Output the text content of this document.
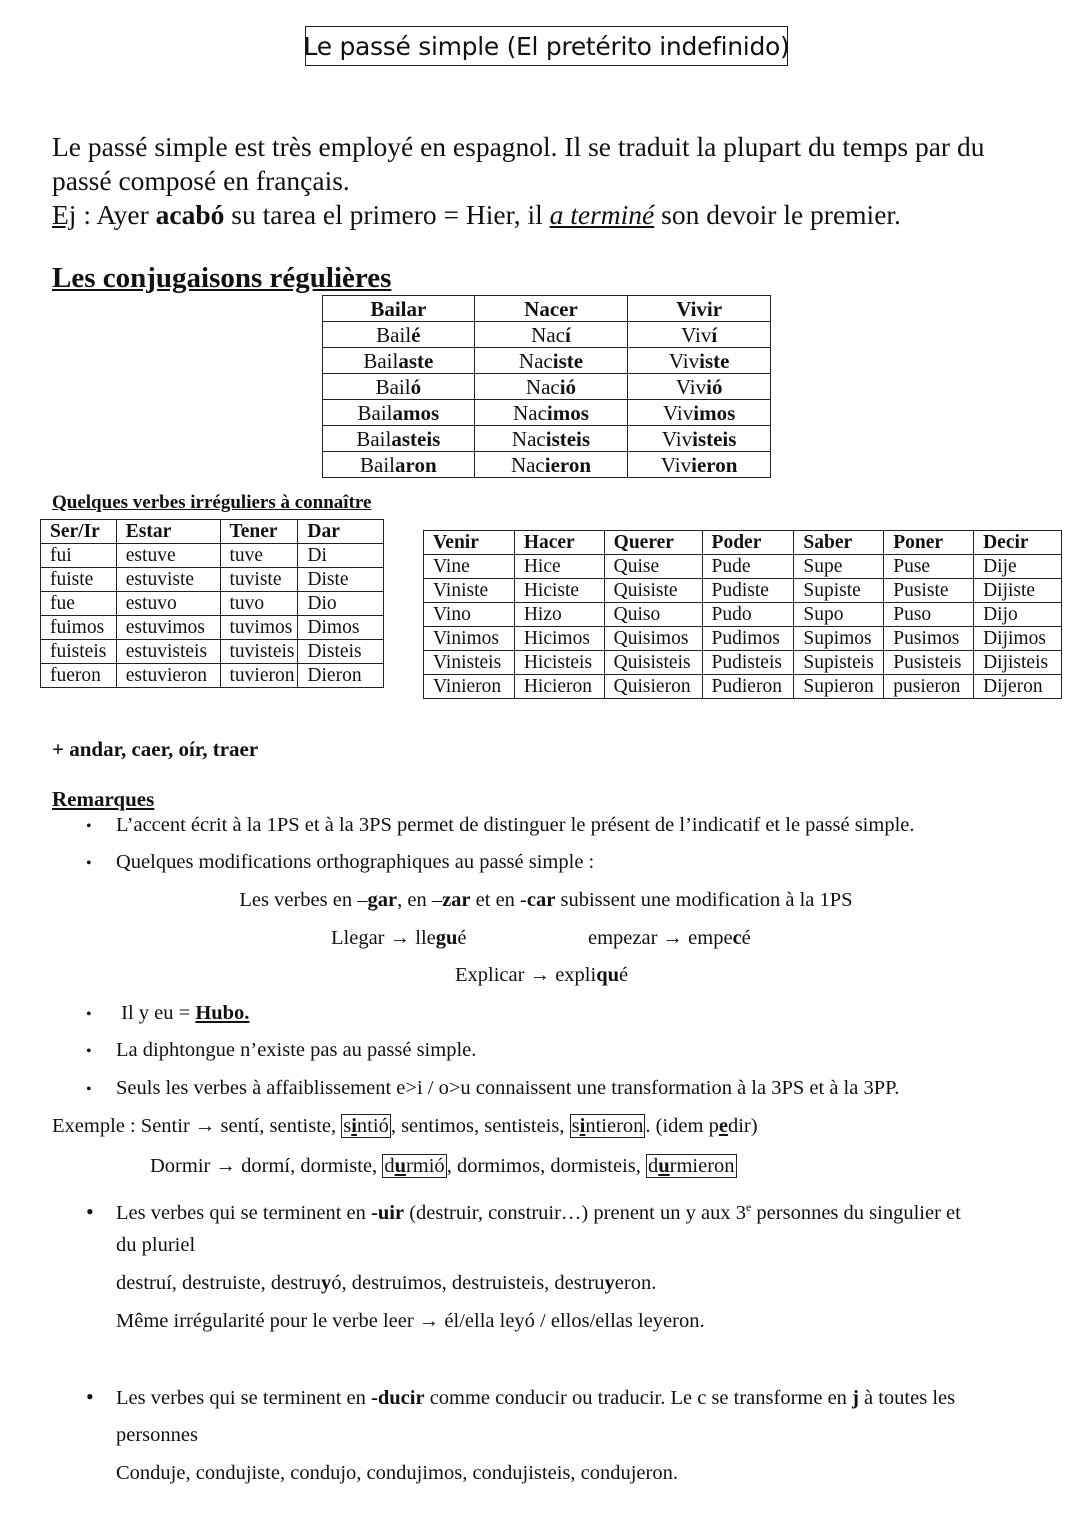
Le passé simple (El pretérito indefinido)
Le passé simple est très employé en espagnol. Il se traduit la plupart du temps par du
passé composé en français.
Ej : Ayer acabó su tarea el primero = Hier, il a terminé son devoir le premier.
Les conjugaisons régulières
Bailar	Nacer	Vivir
Bailé	Nací	Viví
Bailaste	Naciste	Viviste
Bailó	Nació	Vivió
Bailamos	Nacimos	Vivimos
Bailasteis	Nacisteis	Vivisteis
Bailaron	Nacieron	Vivieron
Quelques verbes irréguliers à connaître
Ser/Ir	Estar	Tener	Dar
fui	estuve	tuve	Di
fuiste	estuviste	tuviste	Diste
fue	estuvo	tuvo	Dio
fuimos	estuvimos	tuvimos	Dimos
fuisteis	estuvisteis	tuvisteis	Disteis
fueron	estuvieron	tuvieron	Dieron
Venir	Hacer	Querer	Poder	Saber	Poner	Decir
Vine	Hice	Quise	Pude	Supe	Puse	Dije
Viniste	Hiciste	Quisiste	Pudiste	Supiste	Pusiste	Dijiste
Vino	Hizo	Quiso	Pudo	Supo	Puso	Dijo
Vinimos	Hicimos	Quisimos	Pudimos	Supimos	Pusimos	Dijimos
Vinisteis	Hicisteis	Quisisteis	Pudisteis	Supisteis	Pusisteis	Dijisteis
Vinieron	Hicieron	Quisieron	Pudieron	Supieron	pusieron	Dijeron
+ andar, caer, oír, traer
Remarques
• L’accent écrit à la 1PS et à la 3PS permet de distinguer le présent de l’indicatif et le passé simple.
• Quelques modifications orthographiques au passé simple :
Les verbes en –gar, en –zar et en -car subissent une modification à la 1PS
Llegar → llegué	empezar → empecé
Explicar → expliqué
• Il y eu = Hubo.
• La diphtongue n’existe pas au passé simple.
• Seuls les verbes à affaiblissement e>i / o>u connaissent une transformation à la 3PS et à la 3PP.
Exemple : Sentir → sentí, sentiste, sintió, sentimos, sentisteis, sintieron. (idem pedir)
Dormir → dormí, dormiste, durmió, dormimos, dormisteis, durmieron
• Les verbes qui se terminent en -uir (destruir, construir…) prenent un y aux 3e personnes du singulier et
du pluriel
destruí, destruiste, destruyó, destruimos, destruisteis, destruyeron.
Même irrégularité pour le verbe leer → él/ella leyó / ellos/ellas leyeron.
• Les verbes qui se terminent en -ducir comme conducir ou traducir. Le c se transforme en j à toutes les
personnes
Conduje, condujiste, condujo, condujimos, condujisteis, condujeron.
